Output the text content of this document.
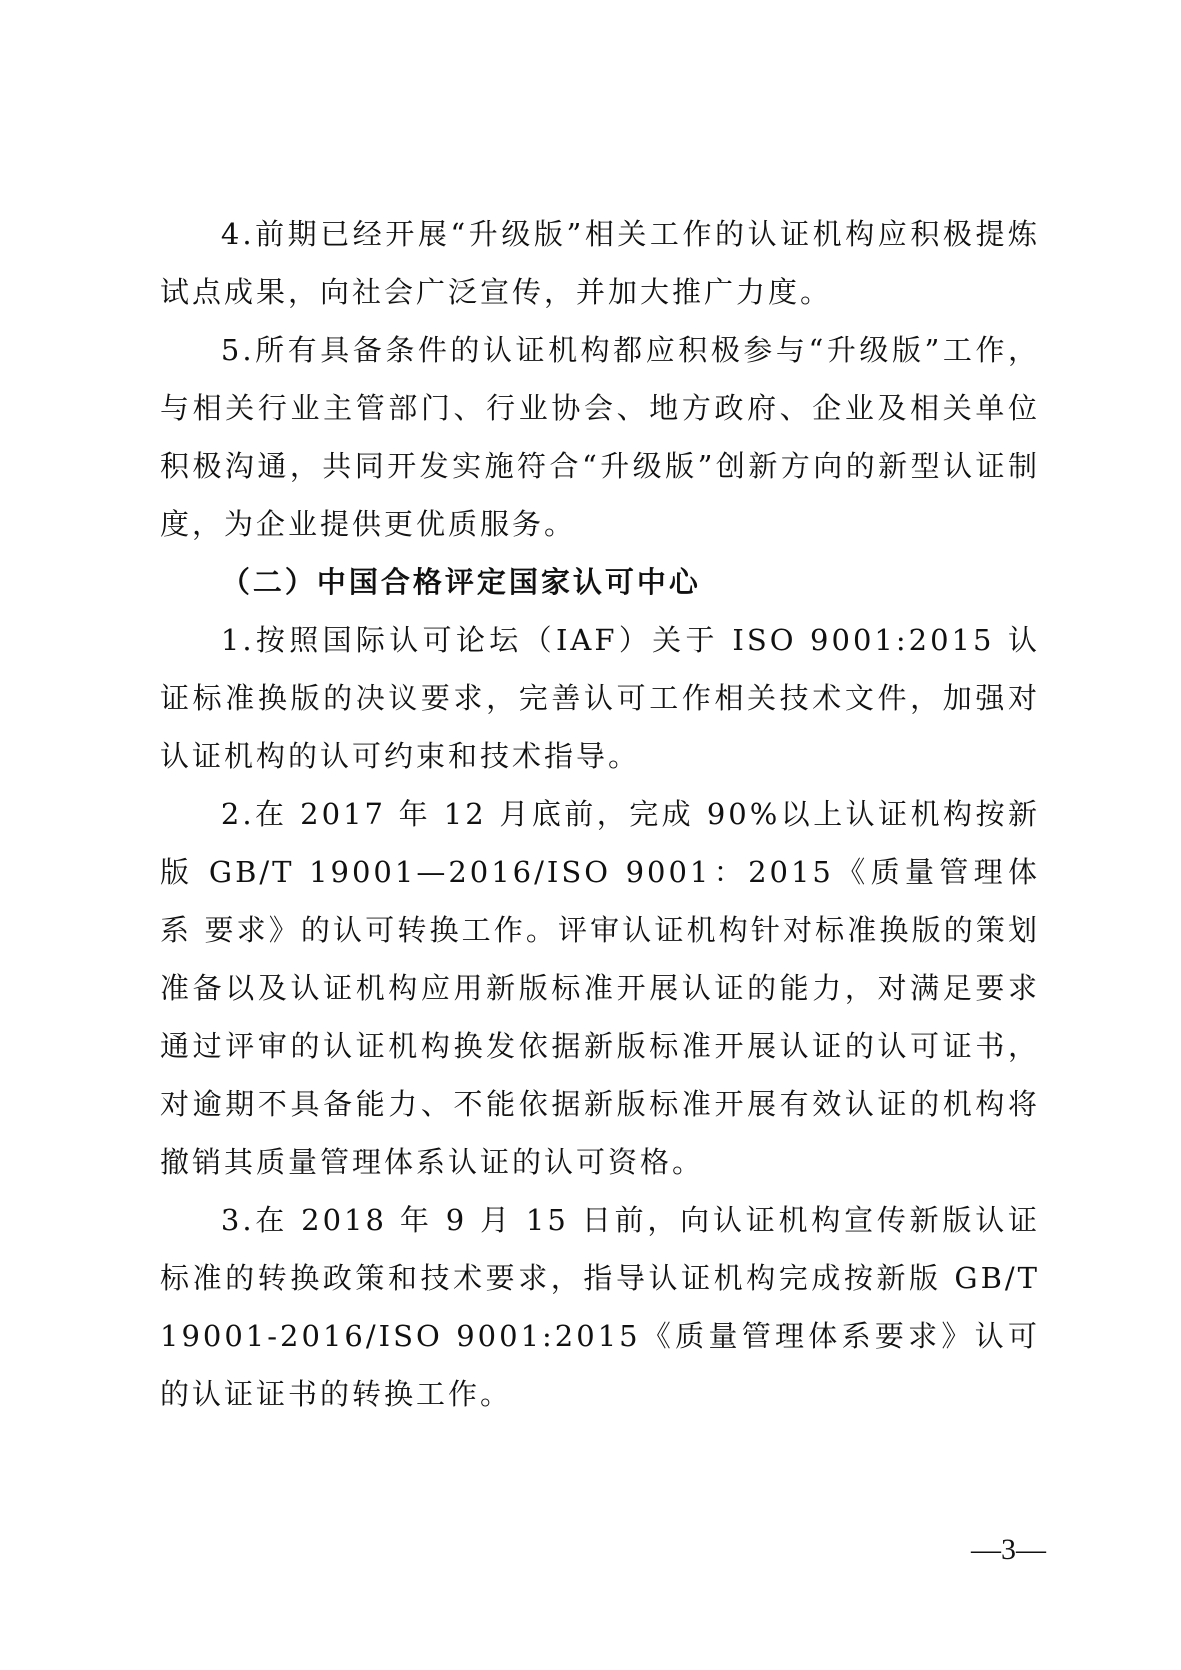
4.前期已经开展“升级版”相关工作的认证机构应积极提炼试点成果，向社会广泛宣传，并加大推广力度。

5.所有具备条件的认证机构都应积极参与“升级版”工作，与相关行业主管部门、行业协会、地方政府、企业及相关单位积极沟通，共同开发实施符合“升级版”创新方向的新型认证制度，为企业提供更优质服务。

（二）中国合格评定国家认可中心

1.按照国际认可论坛（IAF）关于 ISO 9001:2015 认证标准换版的决议要求，完善认可工作相关技术文件，加强对认证机构的认可约束和技术指导。

2.在 2017 年 12 月底前，完成 90%以上认证机构按新版 GB/T 19001—2016/ISO 9001：2015《质量管理体系 要求》的认可转换工作。评审认证机构针对标准换版的策划准备以及认证机构应用新版标准开展认证的能力，对满足要求通过评审的认证机构换发依据新版标准开展认证的认可证书，对逾期不具备能力、不能依据新版标准开展有效认证的机构将撤销其质量管理体系认证的认可资格。

3.在 2018 年 9 月 15 日前，向认证机构宣传新版认证标准的转换政策和技术要求，指导认证机构完成按新版 GB/T 19001-2016/ISO 9001:2015《质量管理体系要求》认可的认证证书的转换工作。

—3—
